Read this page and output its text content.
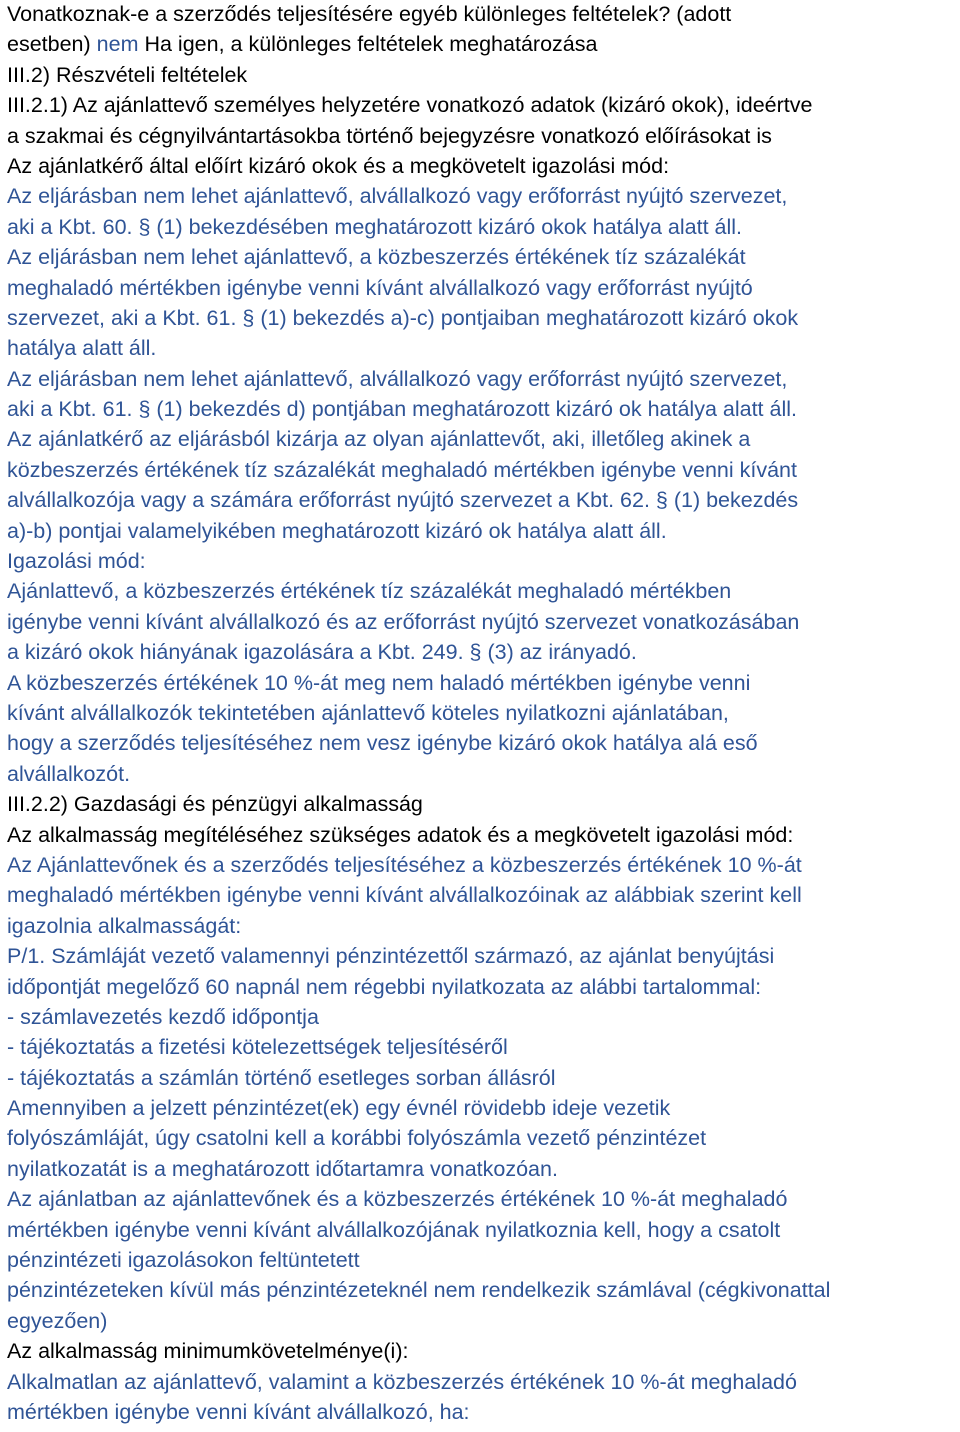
Vonatkoznak-e a szerződés teljesítésére egyéb különleges feltételek? (adott
esetben) nem Ha igen, a különleges feltételek meghatározása
III.2) Részvételi feltételek
III.2.1) Az ajánlattevő személyes helyzetére vonatkozó adatok (kizáró okok), ideértve
a szakmai és cégnyilvántartásokba történő bejegyzésre vonatkozó előírásokat is
Az ajánlatkérő által előírt kizáró okok és a megkövetelt igazolási mód:
Az eljárásban nem lehet ajánlattevő, alvállalkozó vagy erőforrást nyújtó szervezet,
aki a Kbt. 60. § (1) bekezdésében meghatározott kizáró okok hatálya alatt áll.
Az eljárásban nem lehet ajánlattevő, a közbeszerzés értékének tíz százalékát
meghaladó mértékben igénybe venni kívánt alvállalkozó vagy erőforrást nyújtó
szervezet, aki a Kbt. 61. § (1) bekezdés a)-c) pontjaiban meghatározott kizáró okok
hatálya alatt áll.
Az eljárásban nem lehet ajánlattevő, alvállalkozó vagy erőforrást nyújtó szervezet,
aki a Kbt. 61. § (1) bekezdés d) pontjában meghatározott kizáró ok hatálya alatt áll.
Az ajánlatkérő az eljárásból kizárja az olyan ajánlattevőt, aki, illetőleg akinek a
közbeszerzés értékének tíz százalékát meghaladó mértékben igénybe venni kívánt
alvállalkozója vagy a számára erőforrást nyújtó szervezet a Kbt. 62. § (1) bekezdés
a)-b) pontjai valamelyikében meghatározott kizáró ok hatálya alatt áll.
Igazolási mód:
Ajánlattevő, a közbeszerzés értékének tíz százalékát meghaladó mértékben
igénybe venni kívánt alvállalkozó és az erőforrást nyújtó szervezet vonatkozásában
a kizáró okok hiányának igazolására a Kbt. 249. § (3) az irányadó.
A közbeszerzés értékének 10 %-át meg nem haladó mértékben igénybe venni
kívánt alvállalkozók tekintetében ajánlattevő köteles nyilatkozni ajánlatában,
hogy a szerződés teljesítéséhez nem vesz igénybe kizáró okok hatálya alá eső
alvállalkozót.
III.2.2) Gazdasági és pénzügyi alkalmasság
Az alkalmasság megítéléséhez szükséges adatok és a megkövetelt igazolási mód:
Az Ajánlattevőnek és a szerződés teljesítéséhez a közbeszerzés értékének 10 %-át
meghaladó mértékben igénybe venni kívánt alvállalkozóinak az alábbiak szerint kell
igazolnia alkalmasságát:
P/1. Számláját vezető valamennyi pénzintézettől származó, az ajánlat benyújtási
időpontját megelőző 60 napnál nem régebbi nyilatkozata az alábbi tartalommal:
- számlavezetés kezdő időpontja
- tájékoztatás a fizetési kötelezettségek teljesítéséről
- tájékoztatás a számlán történő esetleges sorban állásról
Amennyiben a jelzett pénzintézet(ek) egy évnél rövidebb ideje vezetik
folyószámláját, úgy csatolni kell a korábbi folyószámla vezető pénzintézet
nyilatkozatát is a meghatározott időtartamra vonatkozóan.
Az ajánlatban az ajánlattevőnek és a közbeszerzés értékének 10 %-át meghaladó
mértékben igénybe venni kívánt alvállalkozójának nyilatkoznia kell, hogy a csatolt
pénzintézeti igazolásokon feltüntetett
pénzintézeteken kívül más pénzintézeteknél nem rendelkezik számlával (cégkivonattal
egyezően)
Az alkalmasság minimumkövetelménye(i):
Alkalmatlan az ajánlattevő, valamint a közbeszerzés értékének 10 %-át meghaladó
mértékben igénybe venni kívánt alvállalkozó, ha:
